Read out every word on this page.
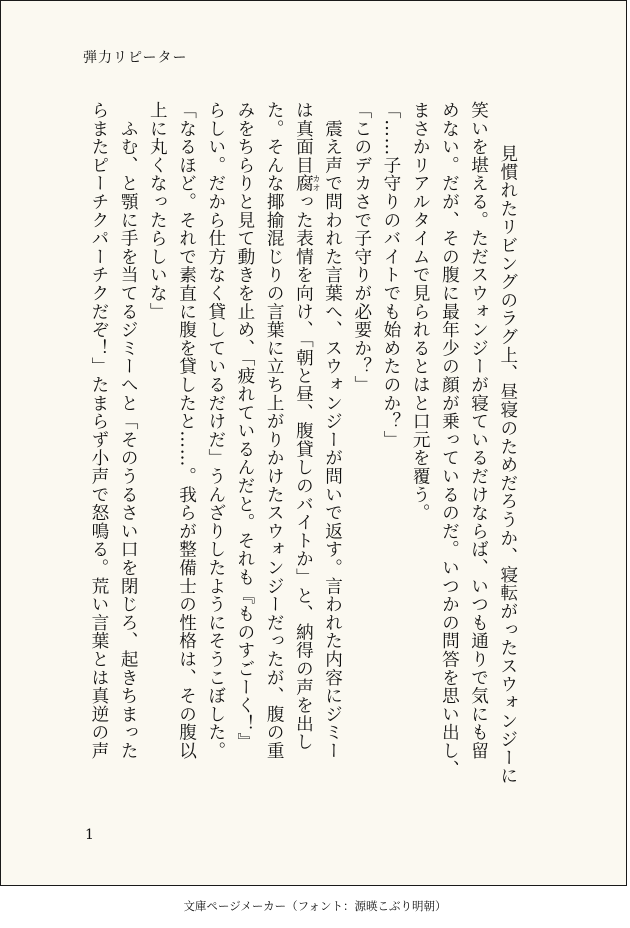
弾力リピーター

　見慣れたリビングのラグ上、昼寝のためだろうか、寝転がったスウォンジーに
笑いを堪える。ただスウォンジーが寝ているだけならば、いつも通りで気にも留
めない。だが、その腹に最年少の顔が乗っているのだ。いつかの問答を思い出し、
まさかリアルタイムで見られるとはと口元を覆う。
「……子守りのバイトでも始めたのか？」
「このデカさで子守りが必要か？」
　震え声で問われた言葉へ、スウォンジーが問いで返す。言われた内容にジミー
は真面目腐カオった表情を向け、「朝と昼、腹貸しのバイトか」と、納得の声を出し
た。そんな揶揄混じりの言葉に立ち上がりかけたスウォンジーだったが、腹の重
みをちらりと見て動きを止め、「疲れているんだと。それも『ものすごーく！』
らしい。だから仕方なく貸しているだけだ」うんざりしたようにそうこぼした。
「なるほど。それで素直に腹を貸したと……。我らが整備士の性格は、その腹以
上に丸くなったらしいな」
　ふむ、と顎に手を当てるジミーへと「そのうるさい口を閉じろ、起きちまった
らまたピーチクパーチクだぞ！」たまらず小声で怒鳴る。荒い言葉とは真逆の声

1
文庫ページメーカー（フォント：源暎こぶり明朝）
